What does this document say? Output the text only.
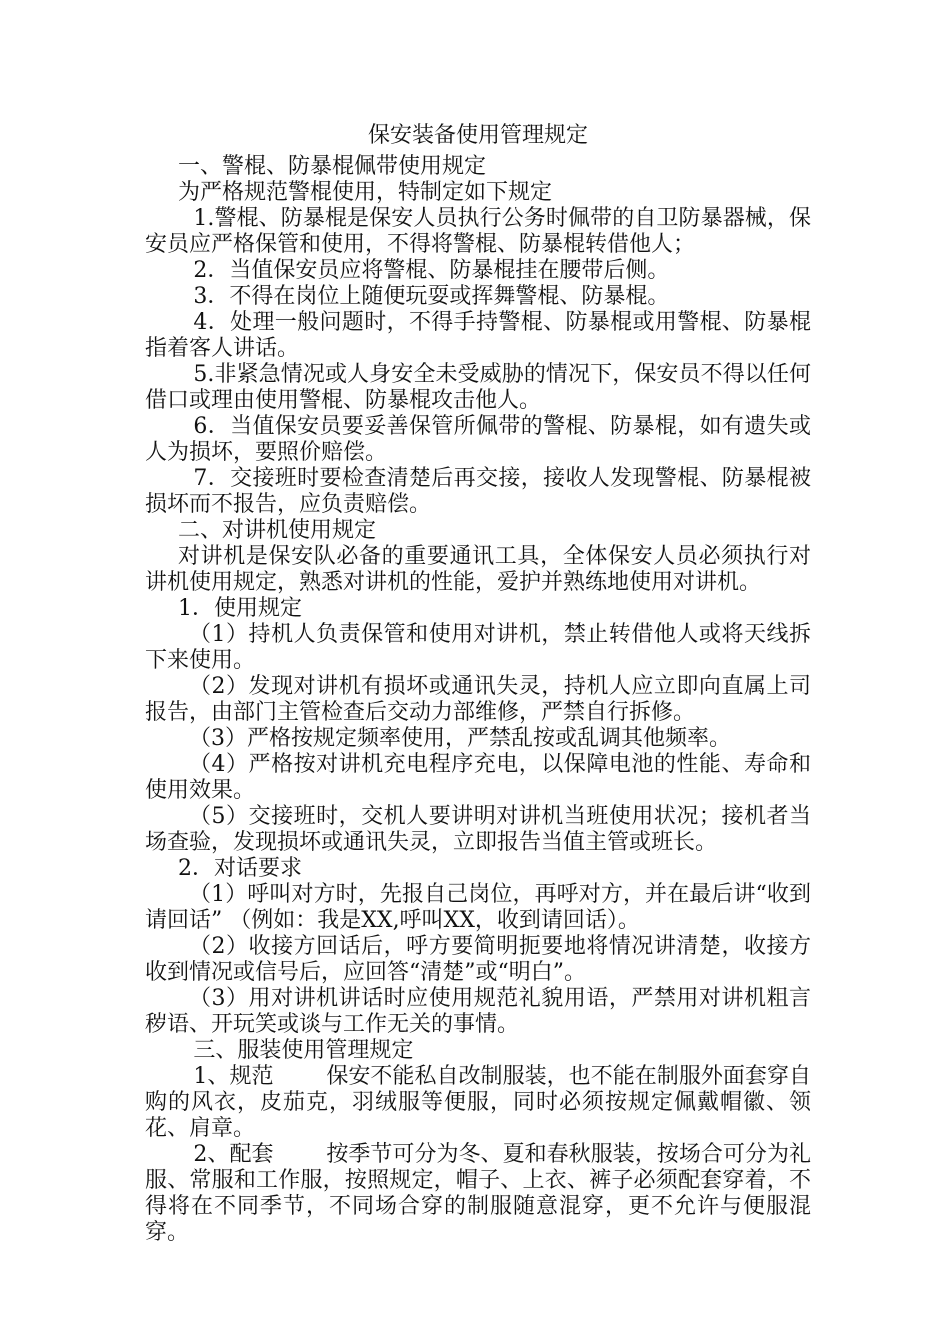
保安装备使用管理规定

一、警棍、防暴棍佩带使用规定

为严格规范警棍使用，特制定如下规定

1.警棍、防暴棍是保安人员执行公务时佩带的自卫防暴器械，保安员应严格保管和使用，不得将警棍、防暴棍转借他人；

2．当值保安员应将警棍、防暴棍挂在腰带后侧。

3．不得在岗位上随便玩耍或挥舞警棍、防暴棍。

4．处理一般问题时，不得手持警棍、防暴棍或用警棍、防暴棍指着客人讲话。

5.非紧急情况或人身安全未受威胁的情况下，保安员不得以任何借口或理由使用警棍、防暴棍攻击他人。

6．当值保安员要妥善保管所佩带的警棍、防暴棍，如有遗失或人为损坏，要照价赔偿。

7．交接班时要检查清楚后再交接，接收人发现警棍、防暴棍被损坏而不报告，应负责赔偿。

二、对讲机使用规定

对讲机是保安队必备的重要通讯工具，全体保安人员必须执行对讲机使用规定，熟悉对讲机的性能，爱护并熟练地使用对讲机。

1．使用规定

（1）持机人负责保管和使用对讲机，禁止转借他人或将天线拆下来使用。

（2）发现对讲机有损坏或通讯失灵，持机人应立即向直属上司报告，由部门主管检查后交动力部维修，严禁自行拆修。

（3）严格按规定频率使用，严禁乱按或乱调其他频率。

（4）严格按对讲机充电程序充电，以保障电池的性能、寿命和使用效果。

（5）交接班时，交机人要讲明对讲机当班使用状况；接机者当场查验，发现损坏或通讯失灵，立即报告当值主管或班长。

2．对话要求

（1）呼叫对方时，先报自己岗位，再呼对方，并在最后讲“收到请回话” （例如：我是XX,呼叫XX，收到请回话）。

（2）收接方回话后，呼方要简明扼要地将情况讲清楚，收接方收到情况或信号后，应回答“清楚”或“明白”。

（3）用对讲机讲话时应使用规范礼貌用语，严禁用对讲机粗言秽语、开玩笑或谈与工作无关的事情。

三、服装使用管理规定

1、规范 保安不能私自改制服装，也不能在制服外面套穿自购的风衣，皮茄克，羽绒服等便服，同时必须按规定佩戴帽徽、领花、肩章。

2、配套 按季节可分为冬、夏和春秋服装，按场合可分为礼服、常服和工作服，按照规定，帽子、上衣、裤子必须配套穿着，不得将在不同季节，不同场合穿的制服随意混穿，更不允许与便服混穿。
